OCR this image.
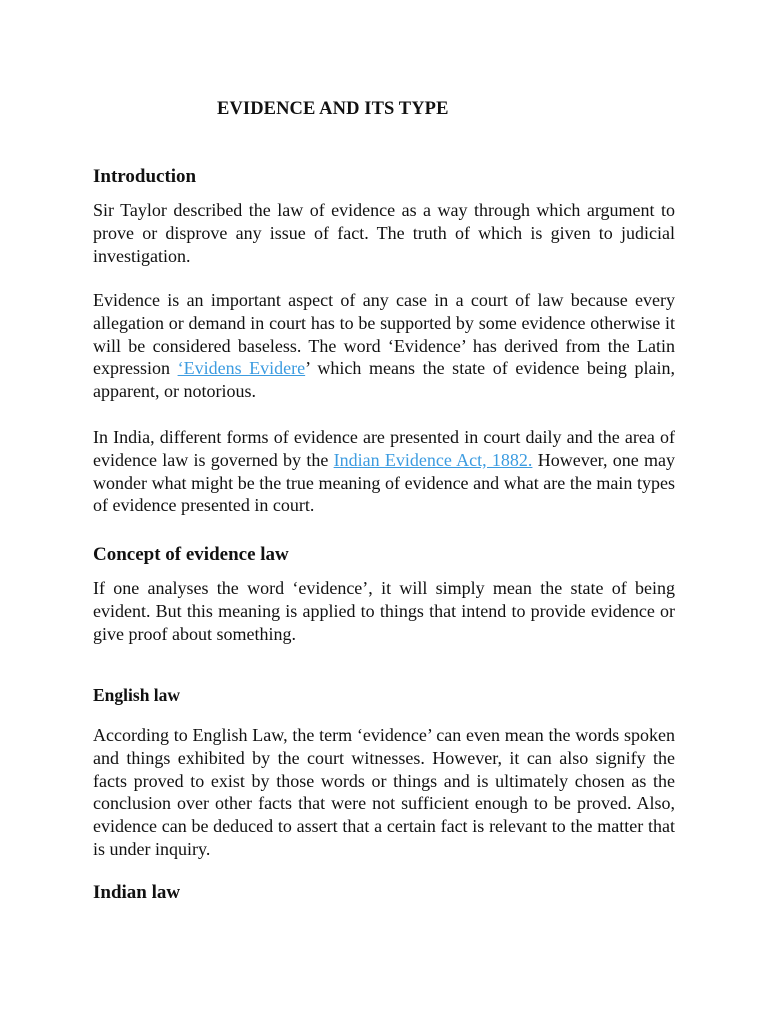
EVIDENCE AND ITS TYPE
Introduction

Sir Taylor described the law of evidence as a way through which argument to prove or disprove any issue of fact. The truth of which is given to judicial investigation.

Evidence is an important aspect of any case in a court of law because every allegation or demand in court has to be supported by some evidence otherwise it will be considered baseless. The word ‘Evidence’ has derived from the Latin expression ‘Evidens Evidere’ which means the state of evidence being plain, apparent, or notorious.

In India, different forms of evidence are presented in court daily and the area of evidence law is governed by the Indian Evidence Act, 1882. However, one may wonder what might be the true meaning of evidence and what are the main types of evidence presented in court.

Concept of evidence law

If one analyses the word ‘evidence’, it will simply mean the state of being evident. But this meaning is applied to things that intend to provide evidence or give proof about something.

English law

According to English Law, the term ‘evidence’ can even mean the words spoken and things exhibited by the court witnesses. However, it can also signify the facts proved to exist by those words or things and is ultimately chosen as the conclusion over other facts that were not sufficient enough to be proved. Also, evidence can be deduced to assert that a certain fact is relevant to the matter that is under inquiry.

Indian law
